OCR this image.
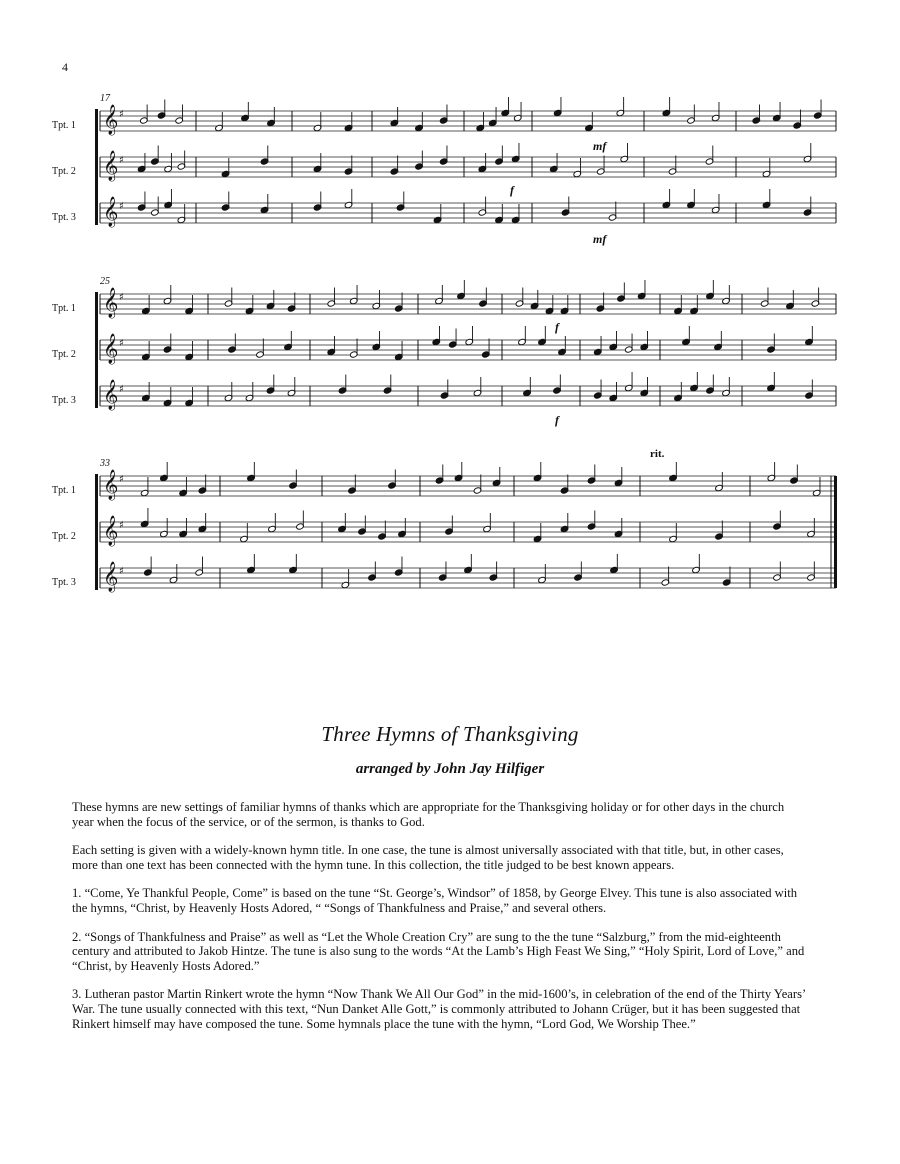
4
𝄞 ♯
𝄞 ♯
𝄞 ♯
17
Tpt. 1
Tpt. 2
Tpt. 3
mf
f
mf
𝄞 ♯
𝄞 ♯
𝄞 ♯
25
Tpt. 1
Tpt. 2
Tpt. 3
f
f
𝄞 ♯
𝄞 ♯
𝄞 ♯
33
Tpt. 1
Tpt. 2
Tpt. 3
rit.
Three Hymns of Thanksgiving
arranged by John Jay Hilfiger

These hymns are new settings of familiar hymns of thanks which are appropriate for the Thanksgiving holiday or for other days in the church year when the focus of the service, or of the sermon, is thanks to God.

Each setting is given with a widely-known hymn title. In one case, the tune is almost universally associated with that title, but, in other cases, more than one text has been connected with the hymn tune. In this collection, the title judged to be best known appears.

1. “Come, Ye Thankful People, Come” is based on the tune “St. George’s, Windsor” of 1858, by George Elvey. This tune is also associated with the hymns, “Christ, by Heavenly Hosts Adored, “ “Songs of Thankfulness and Praise,” and several others.

2. “Songs of Thankfulness and Praise” as well as “Let the Whole Creation Cry” are sung to the the tune “Salzburg,” from the mid-eighteenth century and attributed to Jakob Hintze. The tune is also sung to the words “At the Lamb’s High Feast We Sing,” “Holy Spirit, Lord of Love,” and “Christ, by Heavenly Hosts Adored.”

3. Lutheran pastor Martin Rinkert wrote the hymn “Now Thank We All Our God” in the mid-1600’s, in celebration of the end of the Thirty Years’ War. The tune usually connected with this text, “Nun Danket Alle Gott,” is commonly attributed to Johann Crüger, but it has been suggested that Rinkert himself may have composed the tune. Some hymnals place the tune with the hymn, “Lord God, We Worship Thee.”
